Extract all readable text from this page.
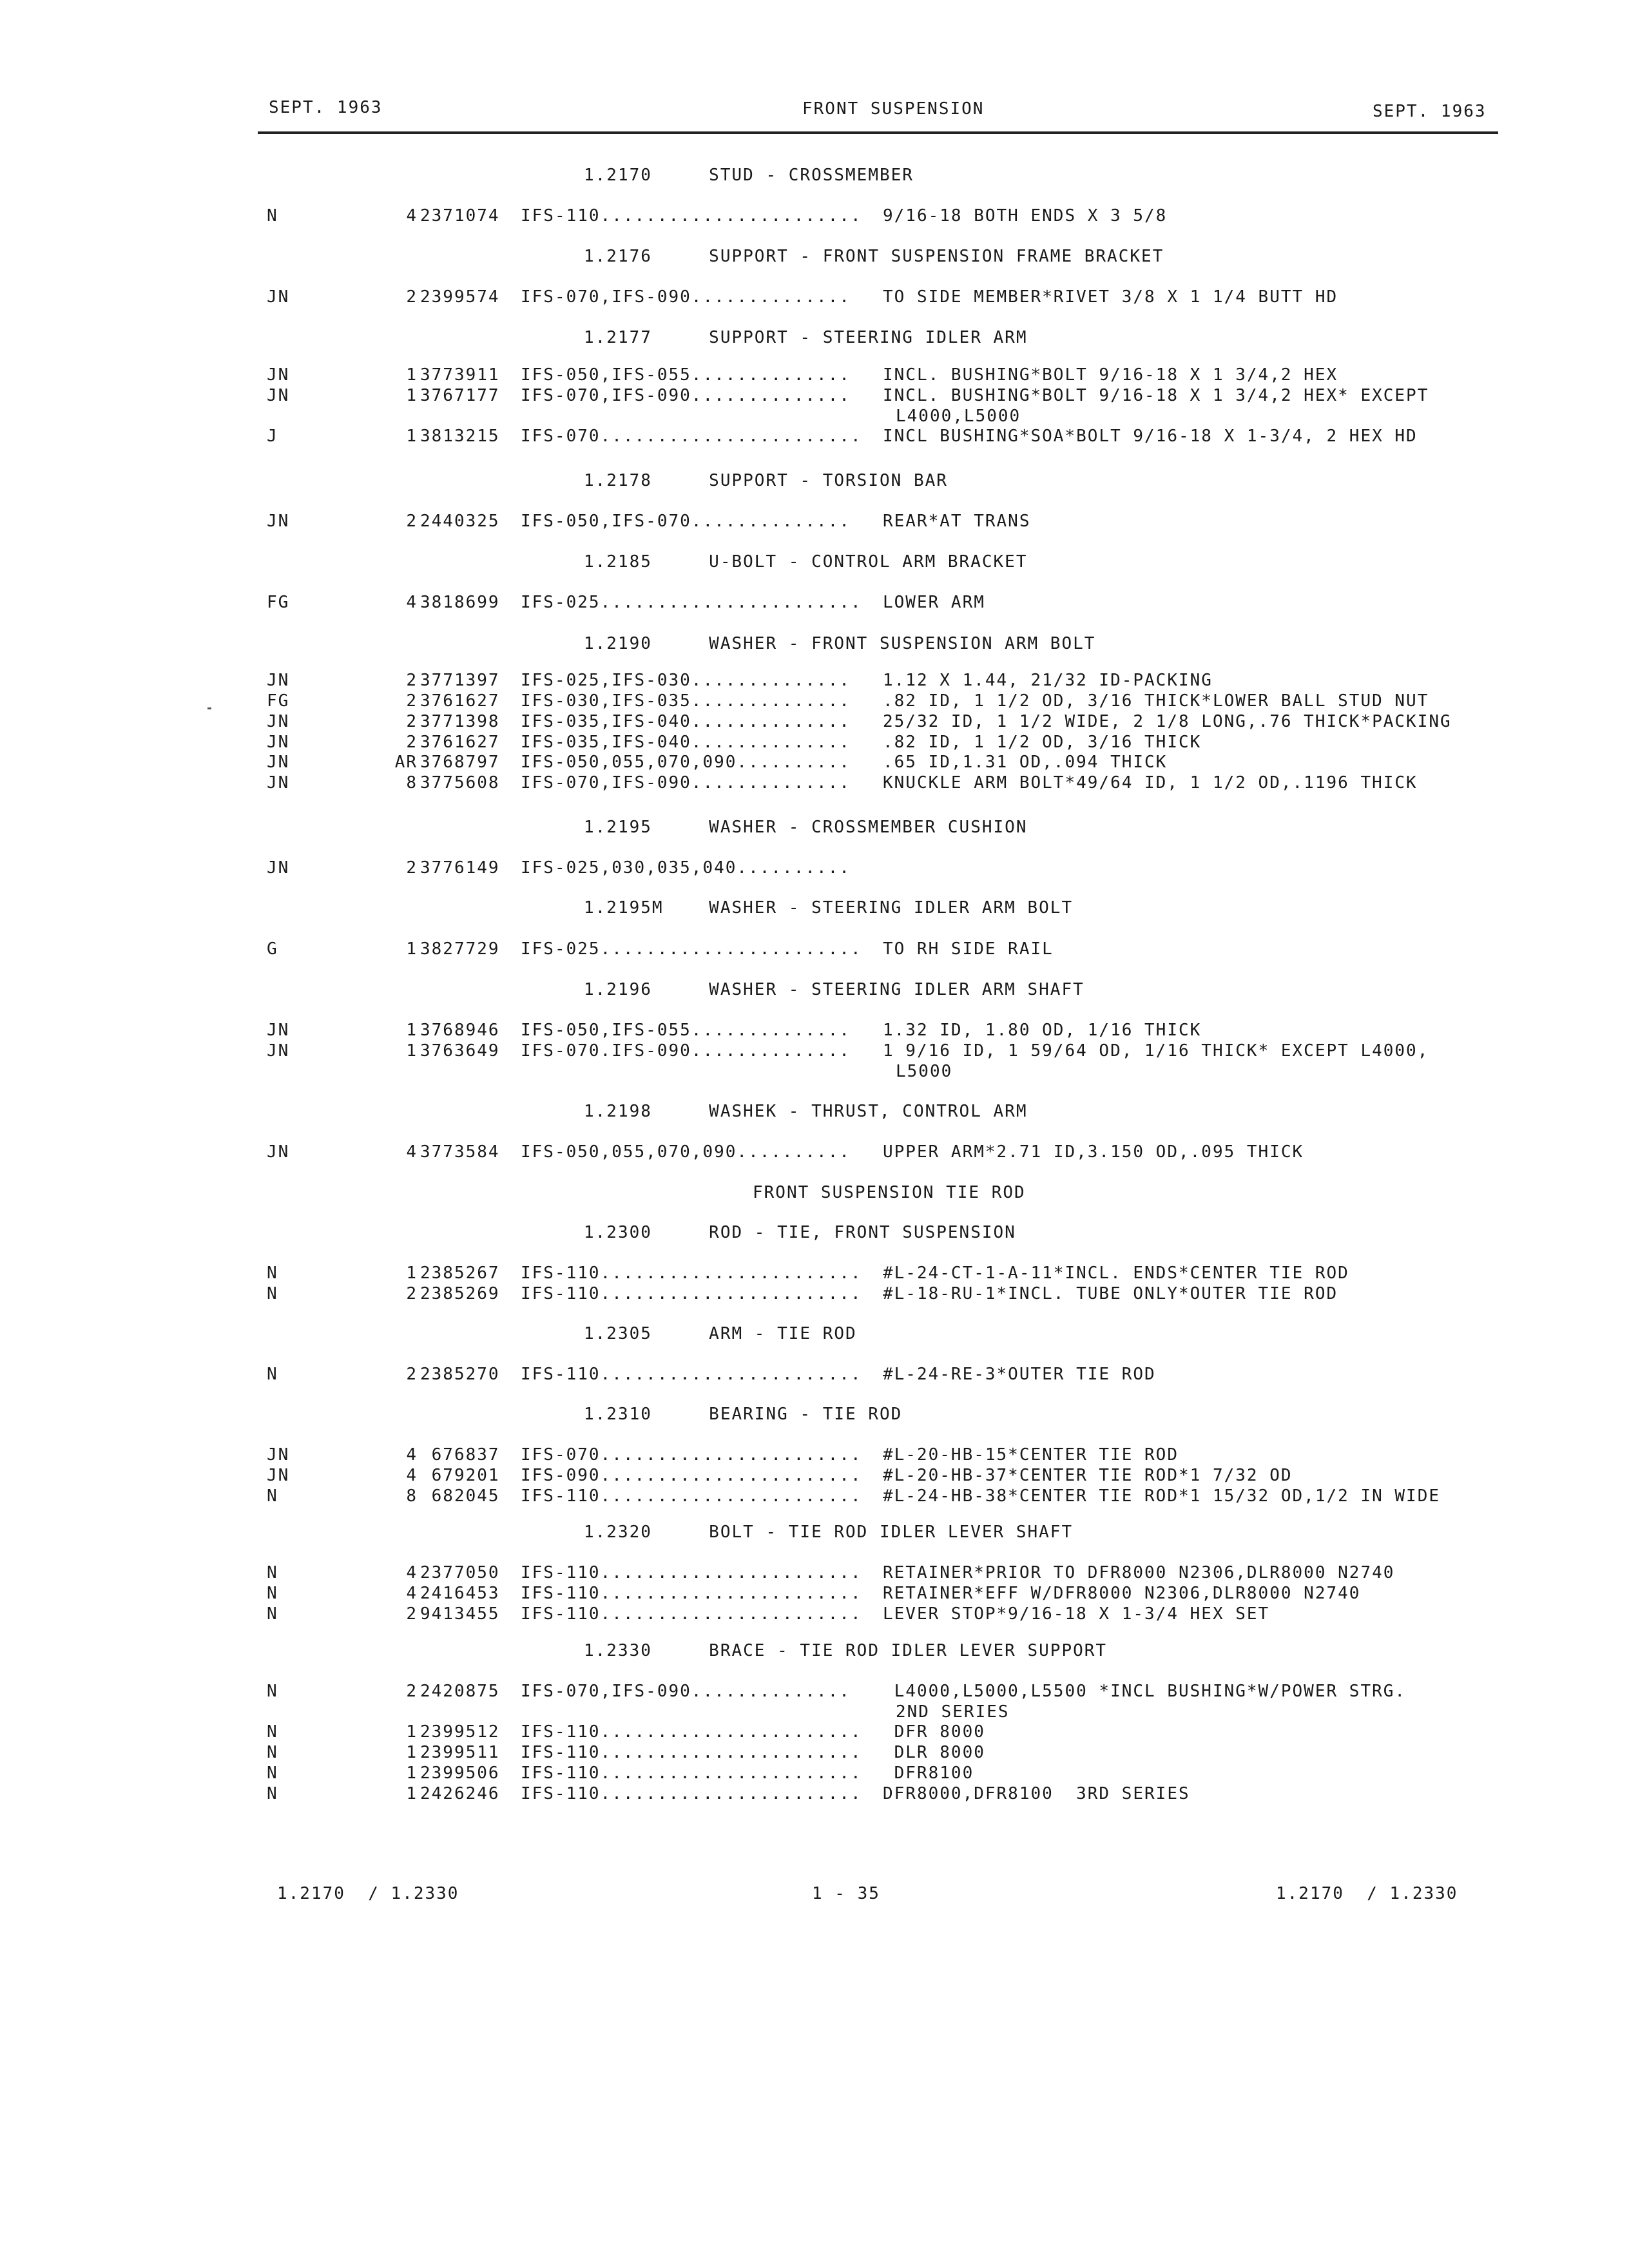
SEPT. 1963	FRONT SUSPENSION	SEPT. 1963
1.2170     STUD - CROSSMEMBER
N	4 2371074 IFS-110....................... 9/16-18 BOTH ENDS X 3 5/8
1.2176     SUPPORT - FRONT SUSPENSION FRAME BRACKET
JN	2 2399574 IFS-070,IFS-090.............. TO SIDE MEMBER*RIVET 3/8 X 1 1/4 BUTT HD
1.2177     SUPPORT - STEERING IDLER ARM
JN	1 3773911 IFS-050,IFS-055.............. INCL. BUSHING*BOLT 9/16-18 X 1 3/4,2 HEX
JN	1 3767177 IFS-070,IFS-090.............. INCL. BUSHING*BOLT 9/16-18 X 1 3/4,2 HEX* EXCEPT
L4000,L5000
J	1 3813215 IFS-070....................... INCL BUSHING*SOA*BOLT 9/16-18 X 1-3/4, 2 HEX HD
1.2178     SUPPORT - TORSION BAR
JN	2 2440325 IFS-050,IFS-070.............. REAR*AT TRANS
1.2185     U-BOLT - CONTROL ARM BRACKET
FG	4 3818699 IFS-025....................... LOWER ARM
1.2190     WASHER - FRONT SUSPENSION ARM BOLT
JN	2 3771397 IFS-025,IFS-030.............. 1.12 X 1.44, 21/32 ID-PACKING
FG	2 3761627 IFS-030,IFS-035.............. .82 ID, 1 1/2 OD, 3/16 THICK*LOWER BALL STUD NUT
JN	2 3771398 IFS-035,IFS-040.............. 25/32 ID, 1 1/2 WIDE, 2 1/8 LONG,.76 THICK*PACKING
JN	2 3761627 IFS-035,IFS-040.............. .82 ID, 1 1/2 OD, 3/16 THICK
JN	AR 3768797 IFS-050,055,070,090.......... .65 ID,1.31 OD,.094 THICK
JN	8 3775608 IFS-070,IFS-090.............. KNUCKLE ARM BOLT*49/64 ID, 1 1/2 OD,.1196 THICK
1.2195     WASHER - CROSSMEMBER CUSHION
JN	2 3776149 IFS-025,030,035,040..........
1.2195M    WASHER - STEERING IDLER ARM BOLT
G	1 3827729 IFS-025....................... TO RH SIDE RAIL
1.2196     WASHER - STEERING IDLER ARM SHAFT
JN	1 3768946 IFS-050,IFS-055.............. 1.32 ID, 1.80 OD, 1/16 THICK
JN	1 3763649 IFS-070.IFS-090.............. 1 9/16 ID, 1 59/64 OD, 1/16 THICK* EXCEPT L4000,
L5000
1.2198     WASHEK - THRUST, CONTROL ARM
JN	4 3773584 IFS-050,055,070,090.......... UPPER ARM*2.71 ID,3.150 OD,.095 THICK
FRONT SUSPENSION TIE ROD
1.2300     ROD - TIE, FRONT SUSPENSION
N	1 2385267 IFS-110....................... #L-24-CT-1-A-11*INCL. ENDS*CENTER TIE ROD
N	2 2385269 IFS-110....................... #L-18-RU-1*INCL. TUBE ONLY*OUTER TIE ROD
1.2305     ARM - TIE ROD
N	2 2385270 IFS-110....................... #L-24-RE-3*OUTER TIE ROD
1.2310     BEARING - TIE ROD
JN	4 676837 IFS-070....................... #L-20-HB-15*CENTER TIE ROD
JN	4 679201 IFS-090....................... #L-20-HB-37*CENTER TIE ROD*1 7/32 OD
N	8 682045 IFS-110....................... #L-24-HB-38*CENTER TIE ROD*1 15/32 OD,1/2 IN WIDE
1.2320     BOLT - TIE ROD IDLER LEVER SHAFT
N	4 2377050 IFS-110....................... RETAINER*PRIOR TO DFR8000 N2306,DLR8000 N2740
N	4 2416453 IFS-110....................... RETAINER*EFF W/DFR8000 N2306,DLR8000 N2740
N	2 9413455 IFS-110....................... LEVER STOP*9/16-18 X 1-3/4 HEX SET
1.2330     BRACE - TIE ROD IDLER LEVER SUPPORT
N	2 2420875 IFS-070,IFS-090.............. L4000,L5000,L5500 *INCL BUSHING*W/POWER STRG.
2ND SERIES
N	1 2399512 IFS-110....................... DFR 8000
N	1 2399511 IFS-110....................... DLR 8000
N	1 2399506 IFS-110....................... DFR8100
N	1 2426246 IFS-110....................... DFR8000,DFR8100  3RD SERIES
1.2170  / 1.2330	1 - 35	1.2170  / 1.2330
